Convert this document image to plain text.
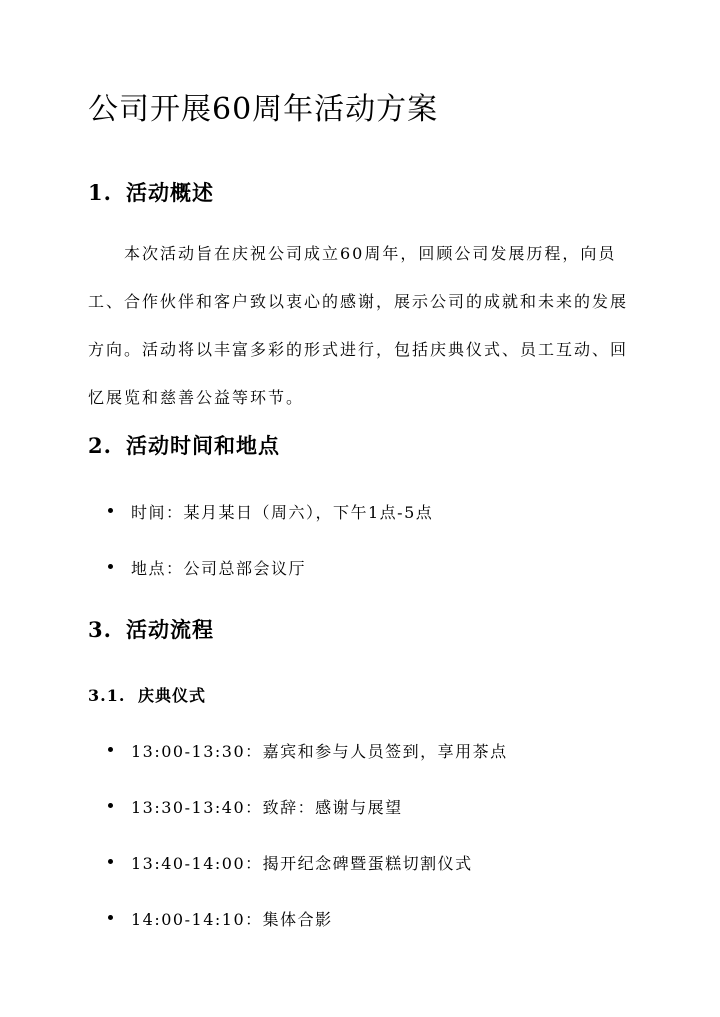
公司开展60周年活动方案
1. 活动概述

本次活动旨在庆祝公司成立60周年，回顾公司发展历程，向员工、合作伙伴和客户致以衷心的感谢，展示公司的成就和未来的发展方向。活动将以丰富多彩的形式进行，包括庆典仪式、员工互动、回忆展览和慈善公益等环节。

2. 活动时间和地点
时间：某月某日（周六），下午1点-5点
地点：公司总部会议厅
3. 活动流程
3.1. 庆典仪式
13:00-13:30：嘉宾和参与人员签到，享用茶点
13:30-13:40：致辞：感谢与展望
13:40-14:00：揭开纪念碑暨蛋糕切割仪式
14:00-14:10：集体合影
